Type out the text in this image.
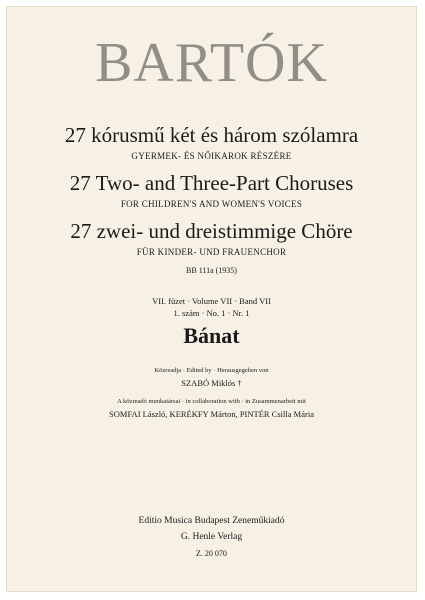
BARTÓK
27 kórusmű két és három szólamra
GYERMEK- ÉS NŐIKAROK RÉSZÉRE
27 Two- and Three-Part Choruses
FOR CHILDREN'S AND WOMEN'S VOICES
27 zwei- und dreistimmige Chöre
FÜR KINDER- UND FRAUENCHOR
BB 111a (1935)
VII. füzet · Volume VII · Band VII
1. szám · No. 1 · Nr. 1
Bánat
Közreadja · Edited by · Herausgegeben von
SZABÓ Miklós †
A közreadó munkatársai · in collaboration with · in Zusammenarbeit mit
SOMFAI László, KERÉKFY Márton, PINTÉR Csilla Mária
Editio Musica Budapest Zeneműkiadó
G. Henle Verlag
Z. 20 070
